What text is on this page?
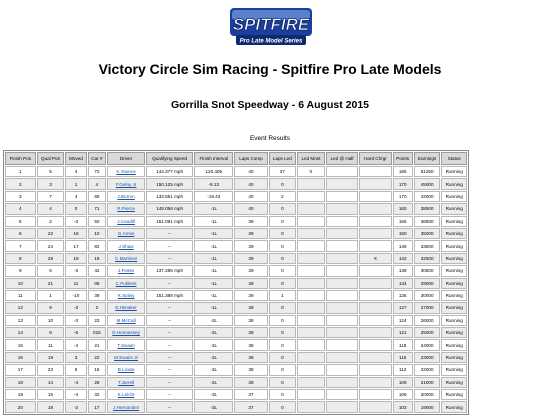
SPITFIRE
Pro Late Model Series
Victory Circle Sim Racing - Spitfire Pro Late Models
Gorrilla Snot Speedway - 6 August 2015
Event Results
Finish Pos	Qual Pos	Moved	Car #	Driver	Qualifying Speed	Finish Interval	Laps Comp	Laps Led	Led Most	Led @ Half	Hard Chrgr	Points	Earnings	Status
1	5	4	72	K.Younce	144.377 mph	120.405	40	37	X			185	51250	Running
2	3	1	4	F.Gelny Jr	150.125 mph	-9.13	40	0				170	45000	Running
3	7	4	69	J.Borron	133.551 mph	-19.43	40	2				170	42000	Running
4	4	0	71	R.Pierce	149.056 mph	-1L	40	0				160	38500	Running
5	2	-3	50	J.Caudill	151.091 mph	-1L	39	0				155	36500	Running
6	22	16	10	G.Amos	--	-1L	39	0				150	35000	Running
7	24	17	82	J.Shaw	--	-1L	39	0				146	33500	Running
8	28	18	19	C.Martinez	--	-1L	39	0			X	142	32500	Running
9	6	-3	42	J.Fosse	137.286 mph	-1L	39	0				138	30500	Running
10	21	11	08	C.Publess	--	-1L	39	0				134	29000	Running
11	1	-10	39	K.Spiwy	151.388 mph	-1L	39	1				135	30000	Running
12	9	-3	2	E.Himaker	--	-1L	39	0				127	27000	Running
13	10	-3	23	M.McCall	--	-2L	38	0				124	26000	Running
14	8	-6	015	D.Hennessey	--	-2L	38	0				121	25000	Running
15	11	-4	21	T.Swaim	--	-2L	38	0				118	24000	Running
16	19	3	22	M.Swaim Jr	--	-2L	38	0				115	23000	Running
17	23	6	15	B.Licata	--	-2L	38	0				112	22000	Running
18	14	-4	28	T.Jarrell	--	-2L	38	0				109	21000	Running
19	15	-4	32	K.Leicht	--	-3L	37	0				106	20000	Running
20	18	-2	17	J.Hernandez	--	-3L	37	0				103	19000	Running
